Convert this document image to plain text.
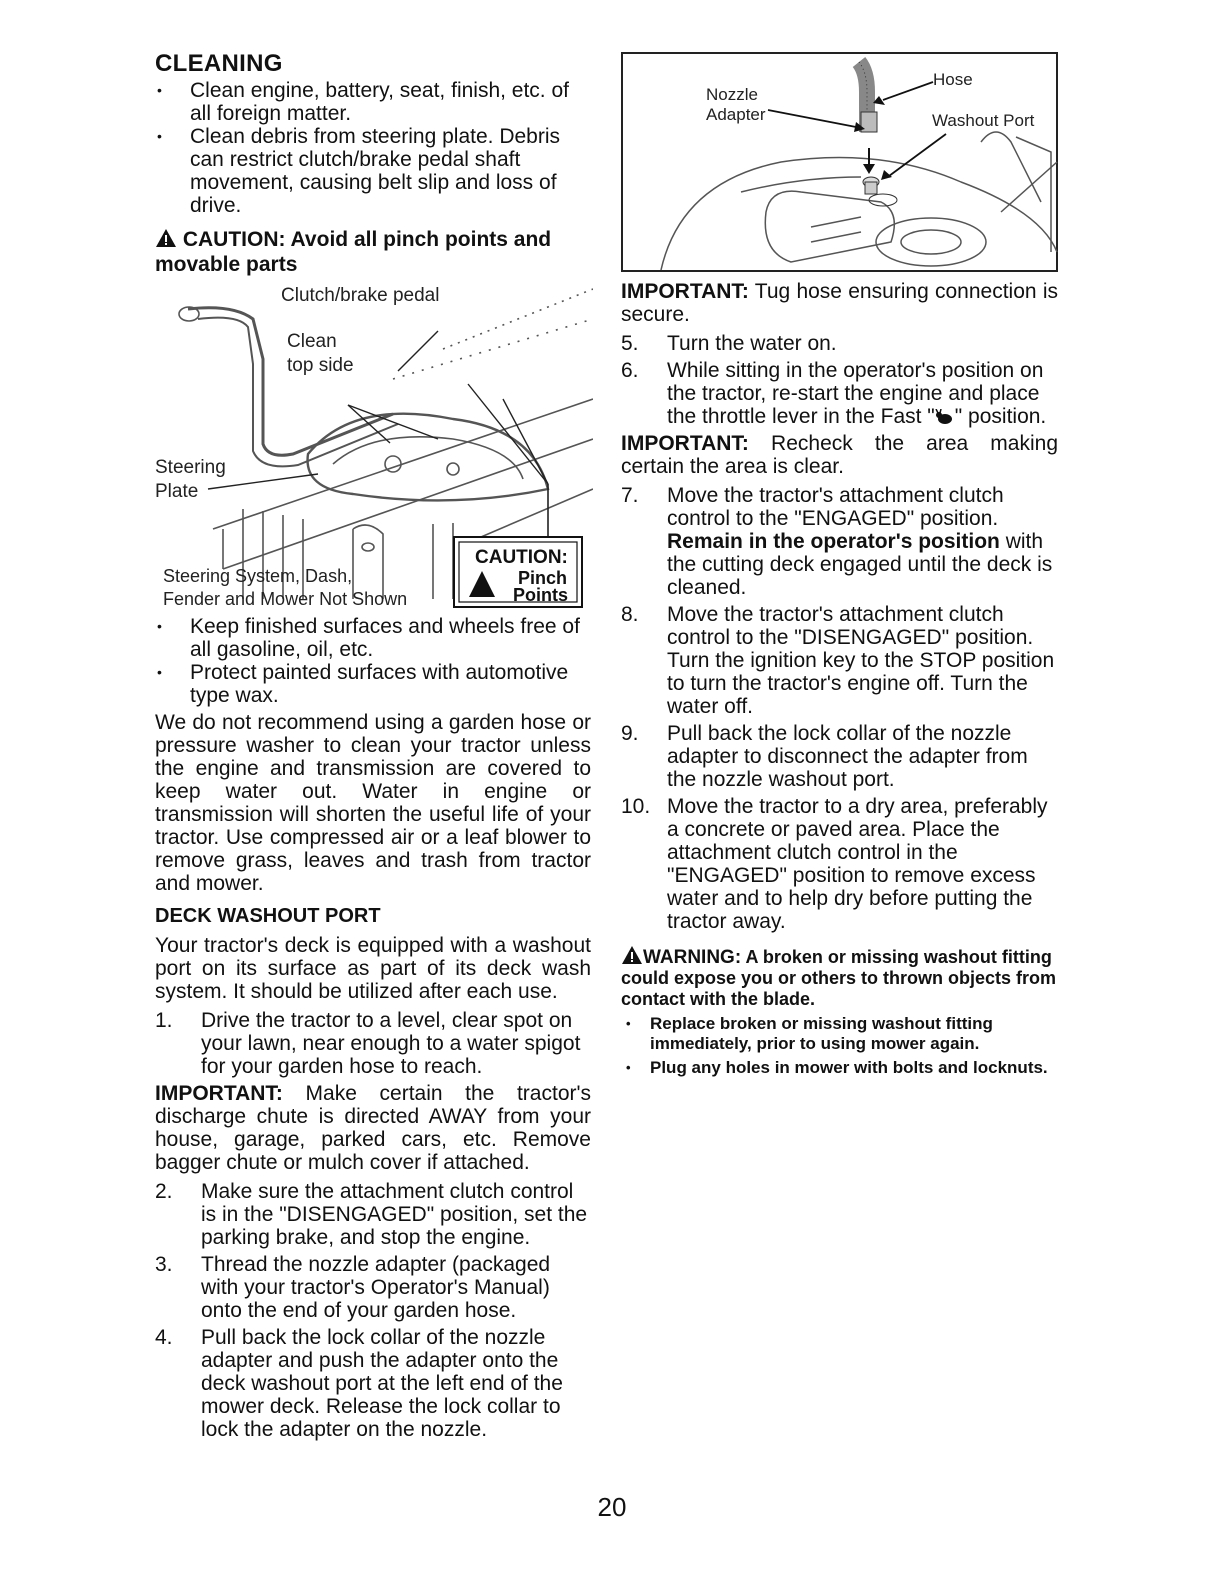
CLEANING

• Clean engine, battery, seat, finish, etc. of all foreign matter.

• Clean debris from steering plate. Debris can restrict clutch/brake pedal shaft movement, causing belt slip and loss of drive.

CAUTION: Avoid all pinch points and movable parts
Clutch/brake pedal
Clean
top side
Steering
Plate
Steering System, Dash,
Fender and Mower Not Shown
CAUTION:
Pinch
Points

• Keep finished surfaces and wheels free of all gasoline, oil, etc.

• Protect painted surfaces with automotive type wax.

We do not recommend using a garden hose or pressure washer to clean your tractor unless the engine and transmission are covered to keep water out. Water in engine or transmission will shorten the useful life of your tractor. Use compressed air or a leaf blower to remove grass, leaves and trash from tractor and mower.

DECK WASHOUT PORT

Your tractor's deck is equipped with a washout port on its surface as part of its deck wash system. It should be utilized after each use.

1. Drive the tractor to a level, clear spot on your lawn, near enough to a water spigot for your garden hose to reach.

IMPORTANT: Make certain the tractor's discharge chute is directed AWAY from your house, garage, parked cars, etc. Remove bagger chute or mulch cover if attached.

2. Make sure the attachment clutch control is in the "DISENGAGED" position, set the parking brake, and stop the engine.
3. Thread the nozzle adapter (packaged with your tractor's Operator's Manual) onto the end of your garden hose.
4. Pull back the lock collar of the nozzle adapter and push the adapter onto the deck washout port at the left end of the mower deck. Release the lock collar to lock the adapter on the nozzle.
Hose
Nozzle
Adapter	Washout Port

IMPORTANT: Tug hose ensuring connection is secure.

5. Turn the water on.
6. While sitting in the operator's position on the tractor, re-start the engine and place the throttle lever in the Fast " " position.

IMPORTANT: Recheck the area making certain the area is clear.

7. Move the tractor's attachment clutch control to the "ENGAGED" position. Remain in the operator's position with the cutting deck engaged until the deck is cleaned.
8. Move the tractor's attachment clutch control to the "DISENGAGED" position. Turn the ignition key to the STOP position to turn the tractor's engine off. Turn the water off.
9. Pull back the lock collar of the nozzle adapter to disconnect the adapter from the nozzle washout port.
10. Move the tractor to a dry area, preferably a concrete or paved area. Place the attachment clutch control in the "ENGAGED" position to remove excess water and to help dry before putting the tractor away.
WARNING: A broken or missing washout fitting could expose you or others to thrown objects from contact with the blade.

• Replace broken or missing washout fitting immediately, prior to using mower again.

• Plug any holes in mower with bolts and locknuts.

20
